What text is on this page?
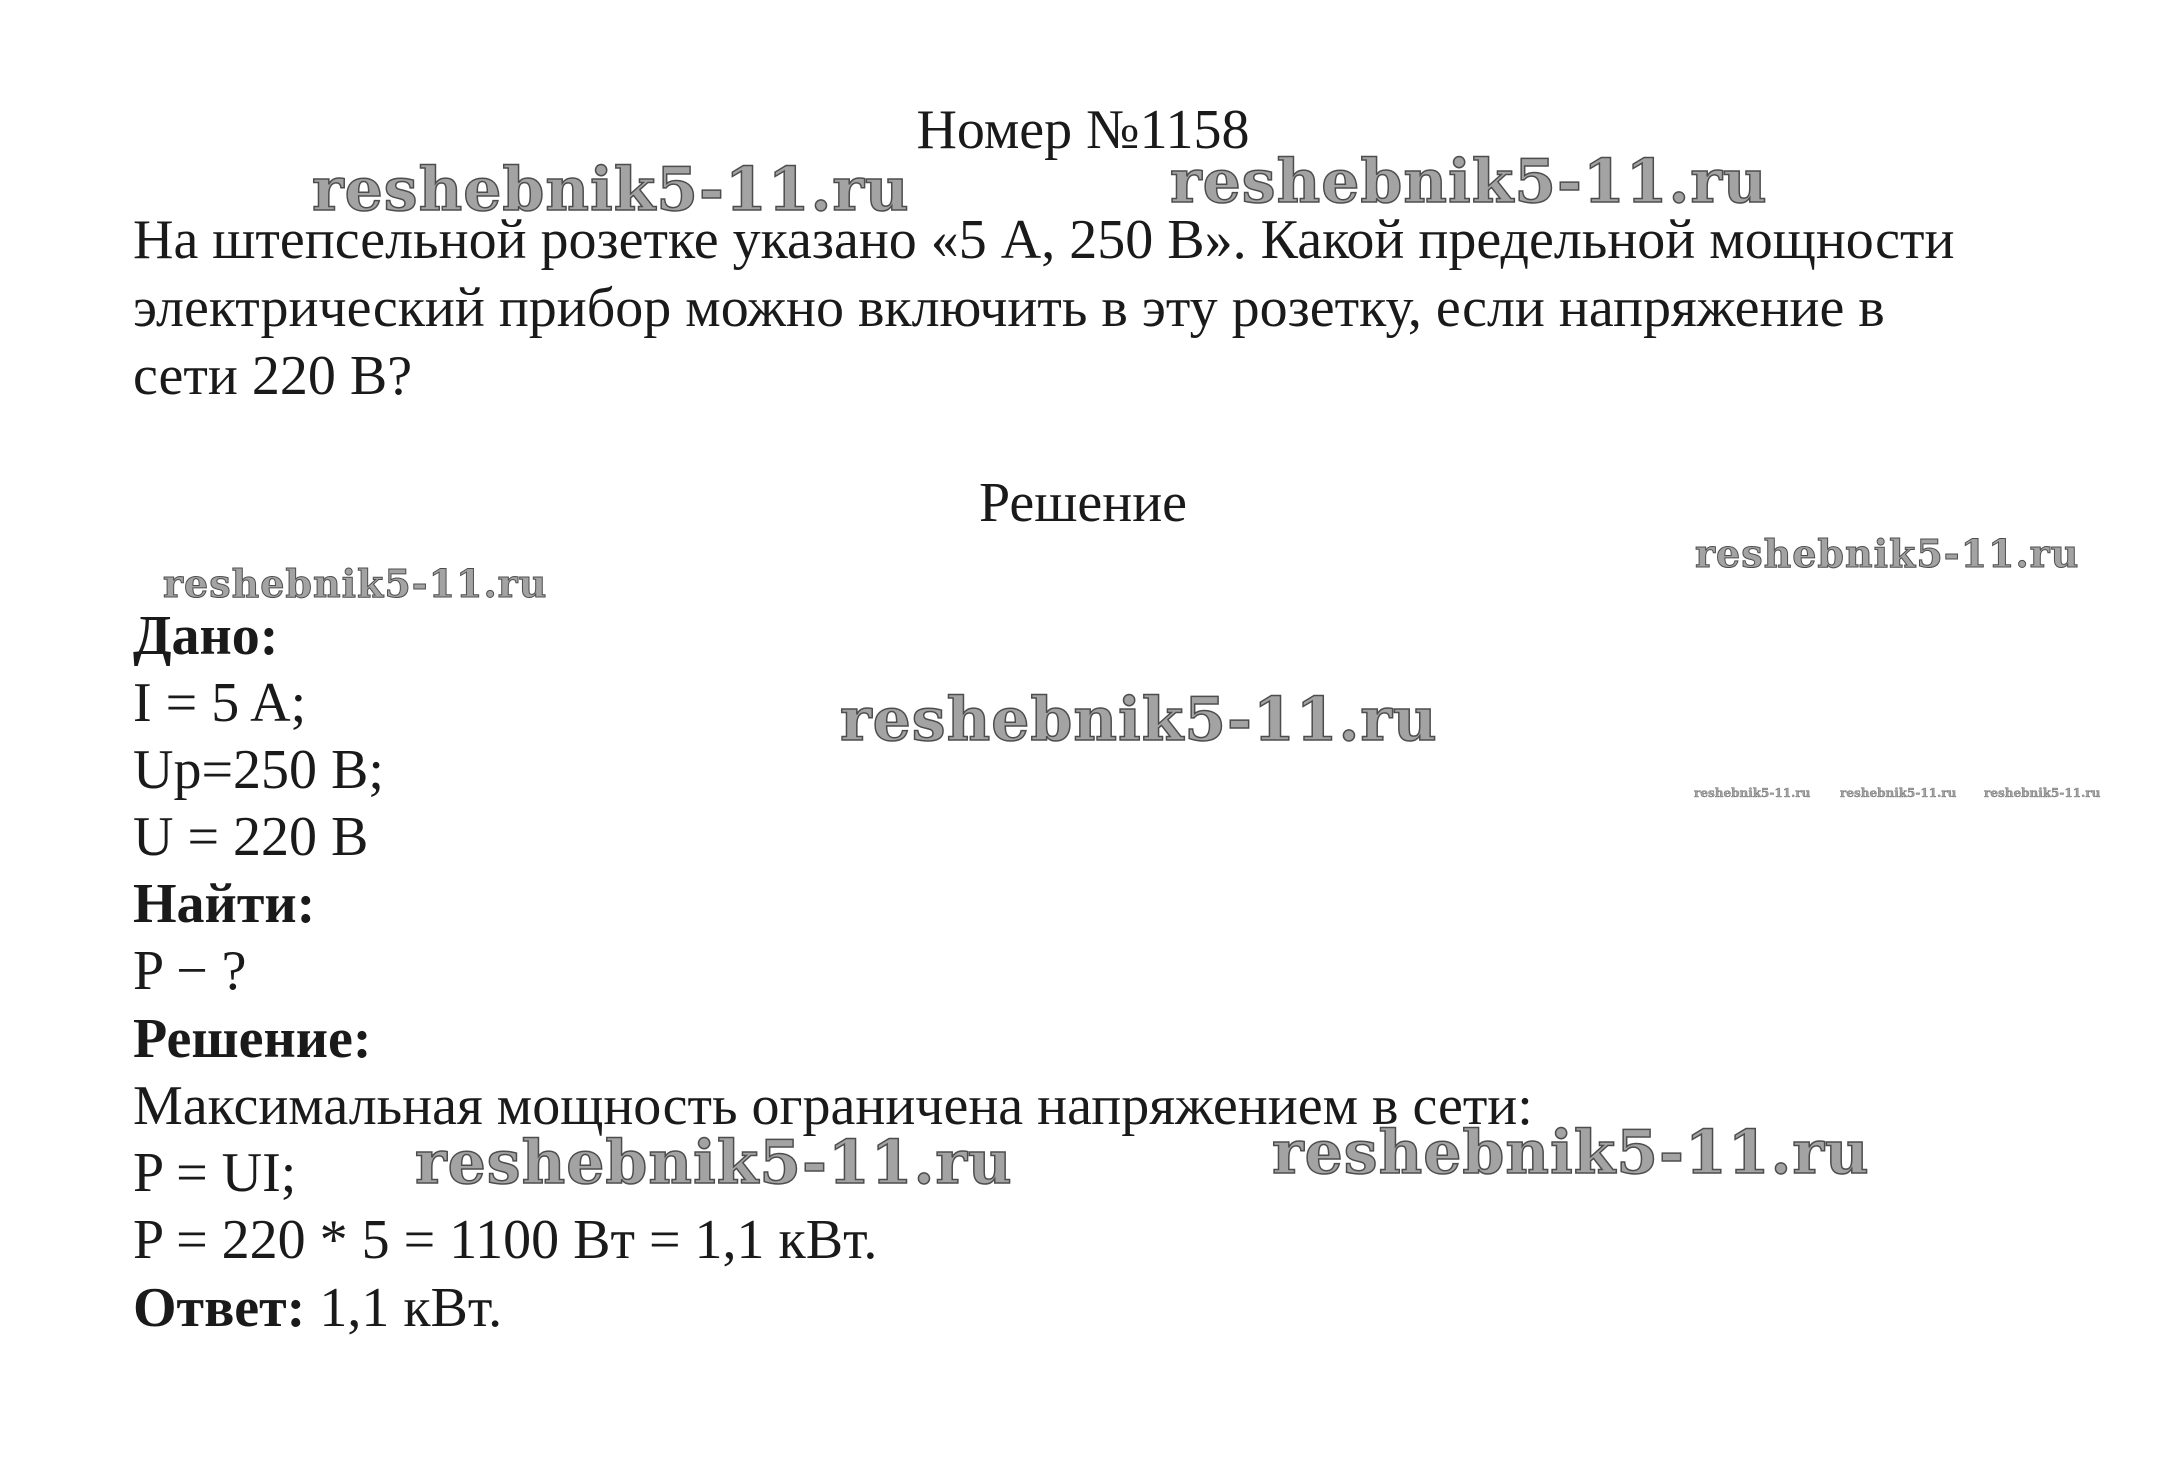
Номер №1158

На штепсельной розетке указано «5 А, 250 В». Какой предельной мощности

электрический прибор можно включить в эту розетку, если напряжение в

сети 220 В?

Решение

Дано:

I = 5 A;

Up=250 В;

U = 220 В

Найти:

P − ?

Решение:

Максимальная мощность ограничена напряжением в сети:

P = UI;

P = 220 * 5 = 1100 Вт = 1,1 кВт.

Ответ: 1,1 кВт.

reshebnik5-11.ru	reshebnik5-11.ru
reshebnik5-11.ru
reshebnik5-11.ru
reshebnik5-11.ru
reshebnik5-11.ru reshebnik5-11.ru reshebnik5-11.ru
reshebnik5-11.ru	reshebnik5-11.ru
